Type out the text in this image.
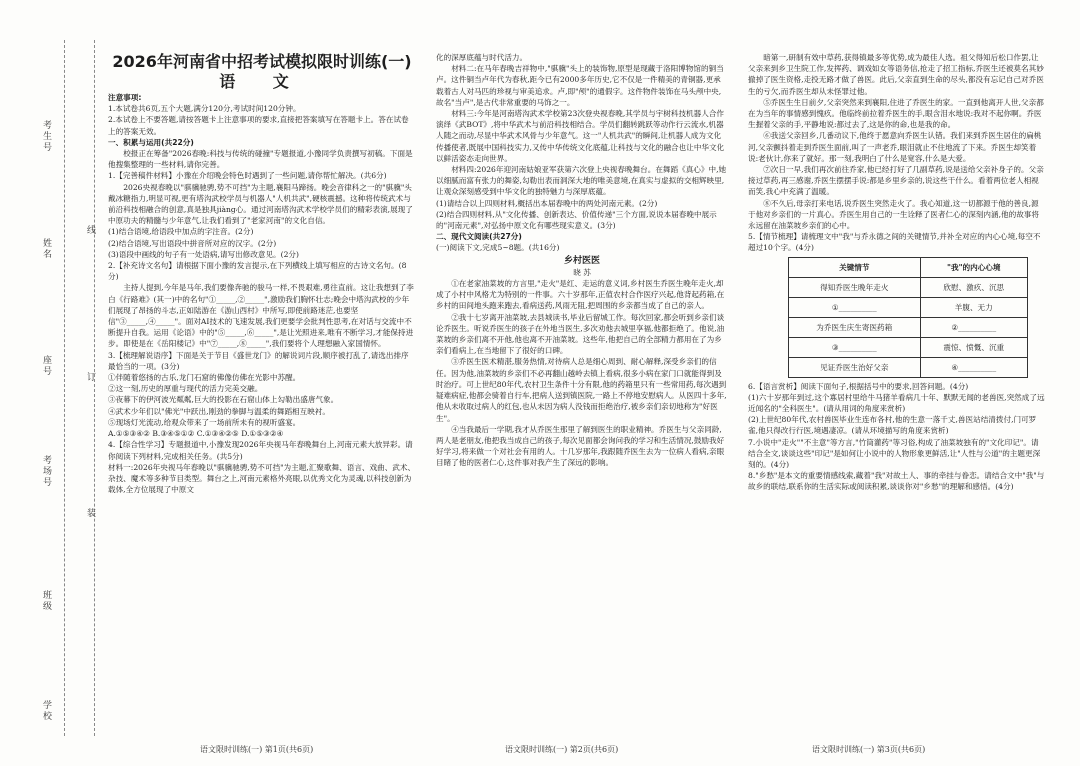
考生号
姓名
座号
考场号
班级
学校
线
订
装
2026年河南省中招考试模拟限时训练(一)
语 文

注意事项:

1.本试卷共6页,五个大题,满分120分,考试时间120分钟。

2.本试卷上不要答题,请按答题卡上注意事项的要求,直接把答案填写在答题卡上。答在试卷上的答案无效。

一、积累与运用(共22分)

校报正在筹备"2026春晚:科技与传统的碰撞"专题报道,小豫同学负责撰写初稿。下面是他搜集整理的一些材料,请你完善。

1.【完善稿件材料】小豫在介绍晚会特色时遇到了一些问题,请你帮忙解决。(共6分)

2026央视春晚以"骐骥驰骋,势不可挡"为主题,襄阳马蹄扬。晚会音律科之一的"骐骥"头戴冰糖指力,明显可视,更有塔沟武校学员与机器人"人机共武",硬核震撼。这种将传统武术与前沿科技相融合的创意,真是独具jiàng心。通过河南塔沟武术学校学员们的精彩表演,展现了中原功夫的精髓与少年意气,让我们看到了"老家河南"的文化自信。

(1)结合语境,给语段中加点的字注音。(2分)

(2)结合语境,写出语段中拼音所对应的汉字。(2分)

(3)语段中画线的句子有一处语病,请写出修改意见。(2分)

2.【补充诗文名句】请根据下面小豫的发言提示,在下列横线上填写相应的古诗文名句。(8分)

主持人提到,今年是马年,我们要像奔驰的骏马一样,不畏艰难,勇往直前。这让我想到了李白《行路难》(其一)中的名句"①_____,②_____",激励我们胸怀壮志;晚会中塔沟武校的少年们展现了昂扬的斗志,正如陆游在《游山西村》中所写,即使前路迷茫,也要坚信"③_____,④_____"。面对AI技术的飞速发展,我们更要学会批判性思考,在对话与交流中不断提升自我。运用《论语》中的"⑤_____,⑥_____",是让光照进来,唯有不断学习,才能保持进步。即使是在《岳阳楼记》中"⑦_____,⑧_____",我们要将个人理想融入家国情怀。

3.【梳理解说语序】下面是关于节目《盛世龙门》的解说词片段,顺序被打乱了,请选出排序最恰当的一项。(3分)

①伴随着悠扬的古乐,龙门石窟的佛像仿佛在光影中苏醒。

②这一刻,历史的厚重与现代的活力完美交融。

③夜幕下的伊河波光粼粼,巨大的投影在石窟山体上勾勒出盛唐气象。

④武术少年们以"佛光"中跃出,刚劲的拳脚与温柔的舞蹈相互映衬。

⑤现场灯光流动,给观众带来了一场前所未有的视听盛宴。

A.①⑤③④② B.③④⑤①② C.①③④②⑤ D.①⑤③②④

4.【综合性学习】专题报道中,小豫发现2026年央视马年春晚舞台上,河南元素大放异彩。请你阅读下列材料,完成相关任务。(共5分)

材料一:2026年央视马年春晚以"骐骥驰骋,势不可挡"为主题,汇聚歌舞、语言、戏曲、武术、杂技、魔术等多种节目类型。舞台之上,河南元素格外亮眼,以优秀文化为灵魂,以科技创新为载体,全方位展现了中原文

语文限时训练(一) 第1页(共6页)

化的深厚底蕴与时代活力。

材料二:在马年春晚吉祥物中,"骐骥"头上的装饰物,原型是现藏于洛阳博物馆的铜当卢。这件铜当卢年代为春秋,距今已有2000多年历史,它不仅是一件精美的青铜器,更承载着古人对马匹的珍视与审美追求。卢,即"颅"的通假字。这件物件装饰在马头颅中央,故名"当卢",是古代非常重要的马饰之一。

材料三:今年是河南塔沟武术学校第23次登央视春晚,其学员与宇树科技机器人合作演绎《武BOT》,将中华武术与前沿科技相结合。学员们翻转跳跃等动作行云流水,机器人随之而动,尽显中华武术风骨与少年意气。这一"人机共武"的瞬间,让机器人成为文化传播使者,既展中国科技实力,又传中华传统文化底蕴,让科技与文化的融合也让中华文化以鲜活姿态走向世界。

材料四:2026年迎河南姑娘亚军获第六次登上央视春晚舞台。在舞蹈《真心》中,她以细腻而富有张力的舞姿,勾勒出表而洞深大地的唯美意境,在真实与虚拟的交相辉映里,让观众深刻感受到中华文化的独特魅力与深厚底蕴。

(1)请结合以上四则材料,概括出本届春晚中的两处河南元素。(2分)

(2)结合四则材料,从"文化传播、创新表达、价值传递"三个方面,说说本届春晚中展示的"河南元素",对弘扬中原文化有哪些现实意义。(3分)

二、现代文阅读(共27分)

(一)阅读下文,完成5~8题。(共16分)

乡村医医

晓 苏

①在老家油菜坡的方言里,"走火"是红、走运的意义词,乡村医生乔医生晚年走火,却成了小村中风格尤为特别的一件事。六十岁那年,正值农村合作医疗兴起,他背起药箱,在乡村的田间地头跑来跑去,看病送药,风雨无阻,把周围的乡亲都当成了自己的亲人。

②我十七岁离开油菜坡,去县城读书,毕业后留城工作。每次回家,都会听到乡亲们谈论乔医生。听说乔医生的孩子在外地当医生,多次劝他去城里享福,他都拒绝了。他说,油菜坡的乡亲们离不开他,他也离不开油菜坡。这些年,他把自己的全部精力都用在了为乡亲们看病上,在当地留下了很好的口碑。

③乔医生医术精湛,服务热情,对待病人总是细心周到、耐心解释,深受乡亲们的信任。因为他,油菜坡的乡亲们不必再翻山越岭去镇上看病,很多小病在家门口就能得到及时治疗。可上世纪80年代,农村卫生条件十分有限,他的药箱里只有一些常用药,每次遇到疑难病症,他都会骑着自行车,把病人送到镇医院,一路上不停地安慰病人。从医四十多年,他从未收取过病人的红包,也从未因为病人没钱而拒绝治疗,被乡亲们亲切地称为"好医生"。

④当我最后一学期,我才从乔医生那里了解到医生的职业精神。乔医生与父亲同龄,两人是老朋友,他把我当成自己的孩子,每次见面都会询问我的学习和生活情况,鼓励我好好学习,将来做一个对社会有用的人。十几岁那年,我跟随乔医生去为一位病人看病,亲眼目睹了他的医者仁心,这件事对我产生了深远的影响。

语文限时训练(一) 第2页(共6页)

暗第一,研制有效中草药,获得镇最多等优势,成为最佳人选。祖父得知后松口作罢,让父亲来到乡卫生院工作,发挥药、调戏如女等语务信,抢走了招工指标,乔医生还被莫名其妙撤掉了医生资格,走投无路才做了兽医。此后,父亲直到生命的尽头,都没有忘记自己对乔医生的亏欠,而乔医生却从未怪罪过他。

⑤乔医生生日前夕,父亲突然来到襄阳,住进了乔医生的家。一直到他离开人世,父亲都在为当年的事情感到愧疚。他临终前拉着乔医生的手,眼含泪水地说:我对不起你啊。乔医生握着父亲的手,平静地说:都过去了,这是你的命,也是我的命。

⑥我送父亲回乡,几番动议下,他终于愿意向乔医生认错。我们来到乔医生居住的扁桃河,父亲颤抖着走到乔医生面前,叫了一声老乔,眼泪就止不住地流了下来。乔医生却笑着说:老伙计,你来了就好。那一刻,我明白了什么是宽容,什么是大爱。

⑦次日一早,我们再次前往乔家,他已经打好了几副草药,说是送给父亲补身子的。父亲接过草药,再三感谢,乔医生摆摆手说:都是乡里乡亲的,说这些干什么。看着两位老人相视而笑,我心中充满了温暖。

⑧不久后,母亲打来电话,说乔医生突然走火了。我心知道,这一切都源于他的善良,源于他对乡亲们的一片真心。乔医生用自己的一生诠释了医者仁心的深刻内涵,他的故事将永远留在油菜坡乡亲们的心中。

5.【情节梳理】请梳理文中"我"与乔永德之间的关键情节,并补全对应的内心心境,每空不超过10个字。(4分)

关键情节	"我"的内心心境
得知乔医生晚年走火	欣慰、激疚、沉思
①__________	羊腹、无力
为乔医生庆生寄医药箱	②__________
③__________	震惊、愤慨、沉重
见证乔医生治好父亲	④__________

6.【语言赏析】阅读下面句子,根据括号中的要求,回答问题。(4分)

(1)六十岁那年到过,这个寡居村里给牛马猪羊看病几十年、默默无闻的老兽医,突然成了远近闻名的"全科医生"。(请从用词的角度来赏析)

(2)上世纪80年代,农村兽医毕业生连布各村,他的生意一落千丈,兽医站结清拨付,门可罗雀,他只得改行行医,境遇凄凉。(请从环境描写的角度来赏析)

7.小说中"走火""不主意"等方言,"竹筒灌药"等习俗,构成了油菜坡独有的"文化印记"。请结合全文,谈谈这些"印记"是如何让小说中的人物形象更鲜活,让"人性与公道"的主题更深刻的。(4分)

8."乡愁"是本文的重要情感线索,藏着"我"对故土人、事的牵挂与眷恋。请结合文中"我"与故乡的联结,联系你的生活实际或阅读积累,谈谈你对"乡愁"的理解和感悟。(4分)

语文限时训练(一) 第3页(共6页)
